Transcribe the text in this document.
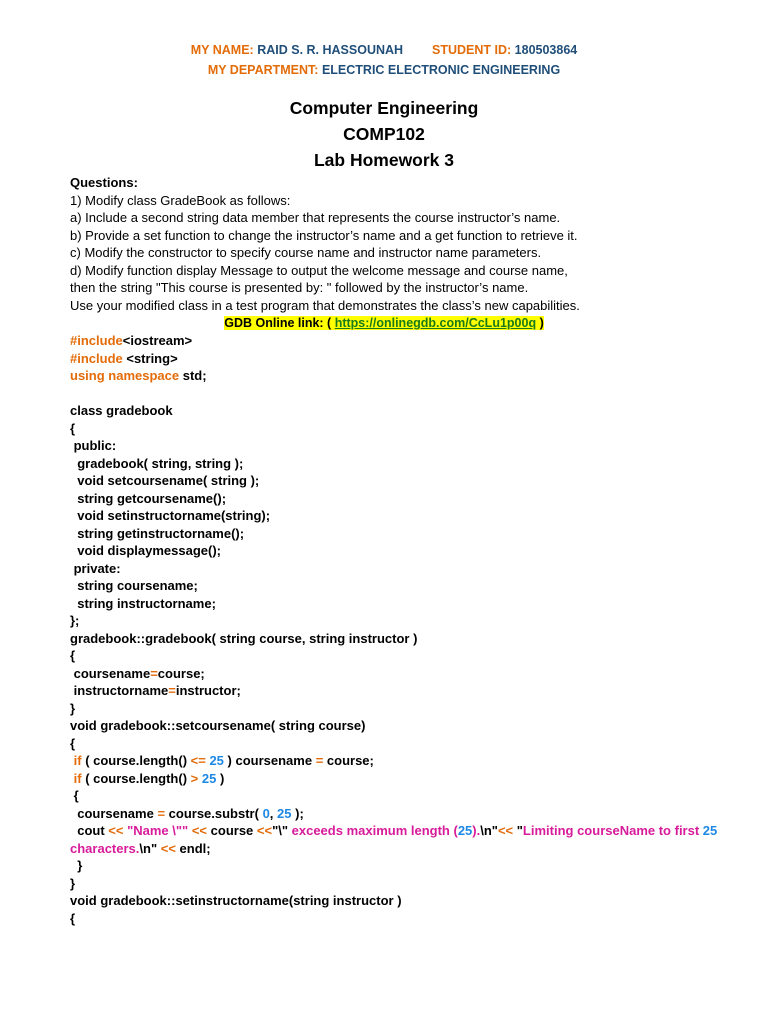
MY NAME: RAID S. R. HASSOUNAH STUDENT ID: 180503864
MY DEPARTMENT: ELECTRIC ELECTRONIC ENGINEERING
Computer Engineering
COMP102
Lab Homework 3
Questions:
1) Modify class GradeBook as follows:
a) Include a second string data member that represents the course instructor’s name.
b) Provide a set function to change the instructor’s name and a get function to retrieve it.
c) Modify the constructor to specify course name and instructor name parameters.
d) Modify function display Message to output the welcome message and course name,
then the string "This course is presented by: " followed by the instructor’s name.
Use your modified class in a test program that demonstrates the class’s new capabilities.
GDB Online link: ( https://onlinegdb.com/CcLu1p00q )
#include<iostream>
#include <string>
using namespace std;
class gradebook
{
public:
gradebook( string, string );
void setcoursename( string );
string getcoursename();
void setinstructorname(string);
string getinstructorname();
void displaymessage();
private:
string coursename;
string instructorname;
};
gradebook::gradebook( string course, string instructor )
{
coursename=course;
instructorname=instructor;
}
void gradebook::setcoursename( string course)
{
if ( course.length() <= 25 ) coursename = course;
if ( course.length() > 25 )
{
coursename = course.substr( 0, 25 );
cout << "Name \"" << course <<"\" exceeds maximum length (25).\n"<< "Limiting courseName to first 25
characters.\n" << endl;
}
}
void gradebook::setinstructorname(string instructor )
{
